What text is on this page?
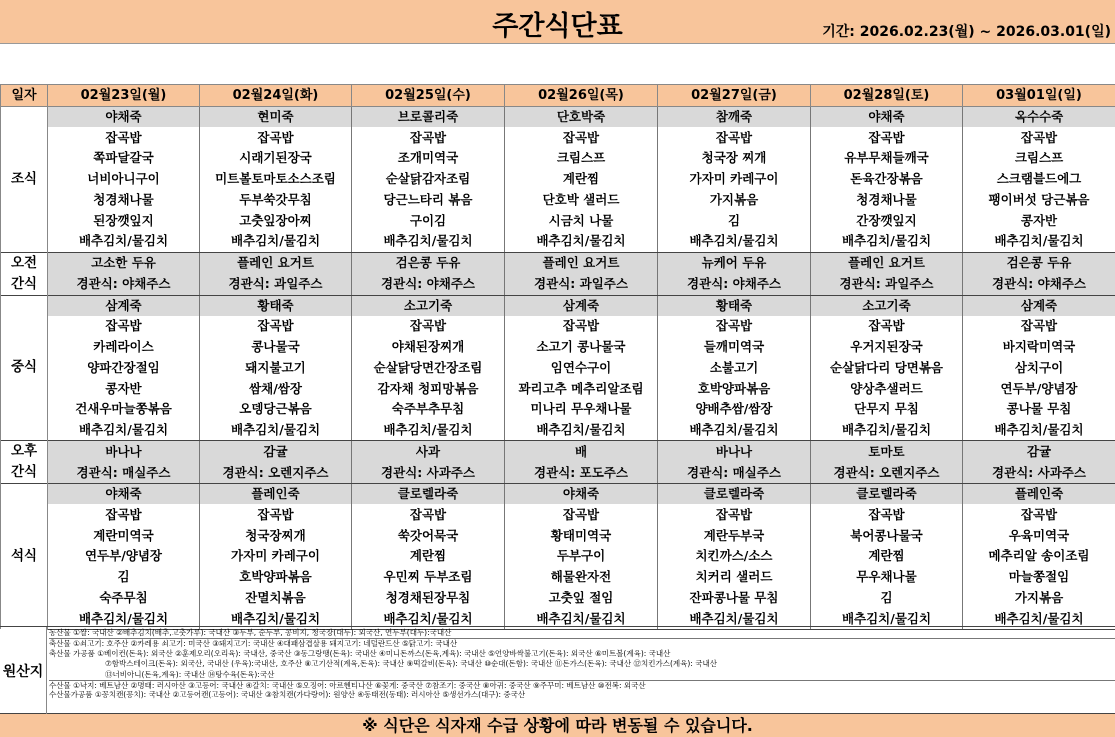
주간식단표	기간: 2026.02.23(월) ~ 2026.03.01(일)
일자	02월23일(월)	02월24일(화)	02월25일(수)	02월26일(목)	02월27일(금)	02월28일(토)	03월01일(일)
조식	야채죽	현미죽	브로콜리죽	단호박죽	참깨죽	야채죽	옥수수죽
	잡곡밥	잡곡밥	잡곡밥	잡곡밥	잡곡밥	잡곡밥	잡곡밥
	쪽파달갈국	시래기된장국	조개미역국	크림스프	청국장 찌개	유부무채들깨국	크림스프
	너비아니구이	미트볼토마토소스조림	순살닭감자조림	계란찜	가자미 카레구이	돈육간장볶음	스크램블드에그
	청경채나물	두부쑥갓무침	당근느타리 볶음	단호박 샐러드	가지볶음	청경채나물	팽이버섯 당근볶음
	된장깻잎지	고춧잎장아찌	구이김	시금치 나물	김	간장깻잎지	콩자반
	배추김치/물김치	배추김치/물김치	배추김치/물김치	배추김치/물김치	배추김치/물김치	배추김치/물김치	배추김치/물김치
오전
간식	고소한 두유	플레인 요거트	검은콩 두유	플레인 요거트	뉴케어 두유	플레인 요거트	검은콩 두유
	경관식: 야채주스	경관식: 과일주스	경관식: 야채주스	경관식: 과일주스	경관식: 야채주스	경관식: 과일주스	경관식: 야채주스
중식	삼계죽	황태죽	소고기죽	삼계죽	황태죽	소고기죽	삼계죽
	잡곡밥	잡곡밥	잡곡밥	잡곡밥	잡곡밥	잡곡밥	잡곡밥
	카레라이스	콩나물국	야채된장찌개	소고기 콩나물국	들깨미역국	우거지된장국	바지락미역국
	양파간장절임	돼지불고기	순살닭당면간장조림	임연수구이	소불고기	순살닭다리 당면볶음	삼치구이
	콩자반	쌈채/쌈장	감자채 청피망볶음	꽈리고추 메추리알조림	호박양파볶음	양상추샐러드	연두부/양념장
	건새우마늘쫑볶음	오뎅당근볶음	숙주부추무침	미나리 무우채나물	양배추쌈/쌈장	단무지 무침	콩나물 무침
	배추김치/물김치	배추김치/물김치	배추김치/물김치	배추김치/물김치	배추김치/물김치	배추김치/물김치	배추김치/물김치
오후
간식	바나나	감귤	사과	배	바나나	토마토	감귤
	경관식: 매실주스	경관식: 오렌지주스	경관식: 사과주스	경관식: 포도주스	경관식: 매실주스	경관식: 오렌지주스	경관식: 사과주스
석식	야채죽	플레인죽	클로렐라죽	야채죽	클로렐라죽	클로렐라죽	플레인죽
	잡곡밥	잡곡밥	잡곡밥	잡곡밥	잡곡밥	잡곡밥	잡곡밥
	계란미역국	청국장찌개	쑥갓어묵국	황태미역국	계란두부국	북어콩나물국	우육미역국
	연두부/양념장	가자미 카레구이	계란찜	두부구이	치킨까스/소스	계란찜	메추리알 송이조림
	김	호박양파볶음	우민찌 두부조림	해물완자전	치커리 샐러드	무우채나물	마늘쫑절임
	숙주무침	잔멸치볶음	청경채된장무침	고춧잎 절임	잔파콩나물 무침	김	가지볶음
	배추김치/물김치	배추김치/물김치	배추김치/물김치	배추김치/물김치	배추김치/물김치	배추김치/물김치	배추김치/물김치
원산지
농산물 ①쌀: 국내산 ②배추김치(배추,고춧가루): 국내산 ③두부, 순두부, 콩비지, 청국장(대두): 외국산, 연두부(대두):국내산
축산물 ①쇠고기: 호주산 ②카레용 쇠고기: 미국산 ③돼지고기: 국내산 ④대패삼겹살용 돼지고기: 네덜란드산 ⑤닭고기: 국내산
축산물 가공품 ①베이컨(돈육): 외국산 ②훈제오리(오리육): 국내산, 중국산 ③동그랑땡(돈육): 국내산 ④미니돈까스(돈육,계육): 국내산 ⑤언양바싹불고기(돈육): 외국산 ⑥미트볼(계육): 국내산
⑦함박스테이크(돈육): 외국산, 국내산 (우육):국내산, 호주산 ⑧고기산적(계육,돈육): 국내산 ⑨떡갈비(돈육): 국내산 ⑩순대(돈함): 국내산 ⑪돈가스(돈육): 국내산 ⑫치킨가스(계육): 국내산
⑬너비아니(돈육,계육): 국내산 ⑭탕수육(돈육):국산
수산물 ①낙지: 베트남산 ②명태: 러시아산 ③고등어: 국내산 ④갈치: 국내산 ⑤오징어: 아르헨티나산 ⑥꽃게: 중국산 ⑦참조기: 중국산 ⑧아귀: 중국산 ⑨주꾸미: 베트남산 ⑩전복: 외국산
수산물가공품 ①꽁치캔(꽁치): 국내산 ②고등어캔(고등어): 국내산 ③참치캔(가다랑어): 원양산 ④동태전(동태): 러시아산 ⑤생선가스(대구): 중국산
※ 식단은 식자재 수급 상황에 따라 변동될 수 있습니다.
